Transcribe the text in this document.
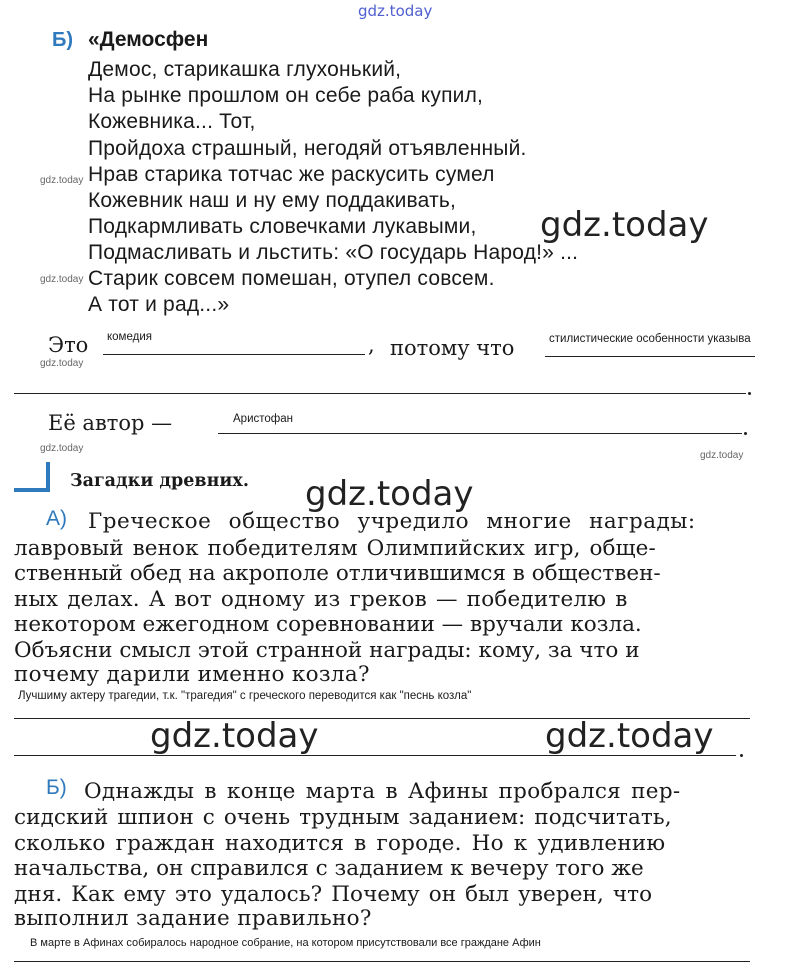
gdz.today
Б) «Демосфен
Демос, старикашка глухонький,
На рынке прошлом он себе раба купил,
Кожевника... Тот,
Пройдоха страшный, негодяй отъявленный.
Нрав старика тотчас же раскусить сумел
Кожевник наш и ну ему поддакивать,
Подкармливать словечками лукавыми,
Подмасливать и льстить: «О государь Народ!» ...
Старик совсем помешан, отупел совсем.
А тот и рад...»
gdz.today
gdz.today
gdz.today
gdz.today
gdz.today
gdz.today
Это комедия	, потому что	стилистические особенности указыва
Её автор —	Аристофан
Загадки древних. gdz.today
А) Греческое общество учредило многие награды:
лавровый венок победителям Олимпийских игр, обще-
ственный обед на акрополе отличившимся в обществен-
ных делах. А вот одному из греков — победителю в
некотором ежегодном соревновании — вручали козла.
Объясни смысл этой странной награды: кому, за что и
почему дарили именно козла?
Лучшиму актеру трагедии, т.к. "трагедия" с греческого переводится как "песнь козла"
gdz.today	gdz.today
Б) Однажды в конце марта в Афины пробрался пер-
сидский шпион с очень трудным заданием: подсчитать,
сколько граждан находится в городе. Но к удивлению
начальства, он справился с заданием к вечеру того же
дня. Как ему это удалось? Почему он был уверен, что
выполнил задание правильно?
В марте в Афинах собиралось народное собрание, на котором присутствовали все граждане Афин
